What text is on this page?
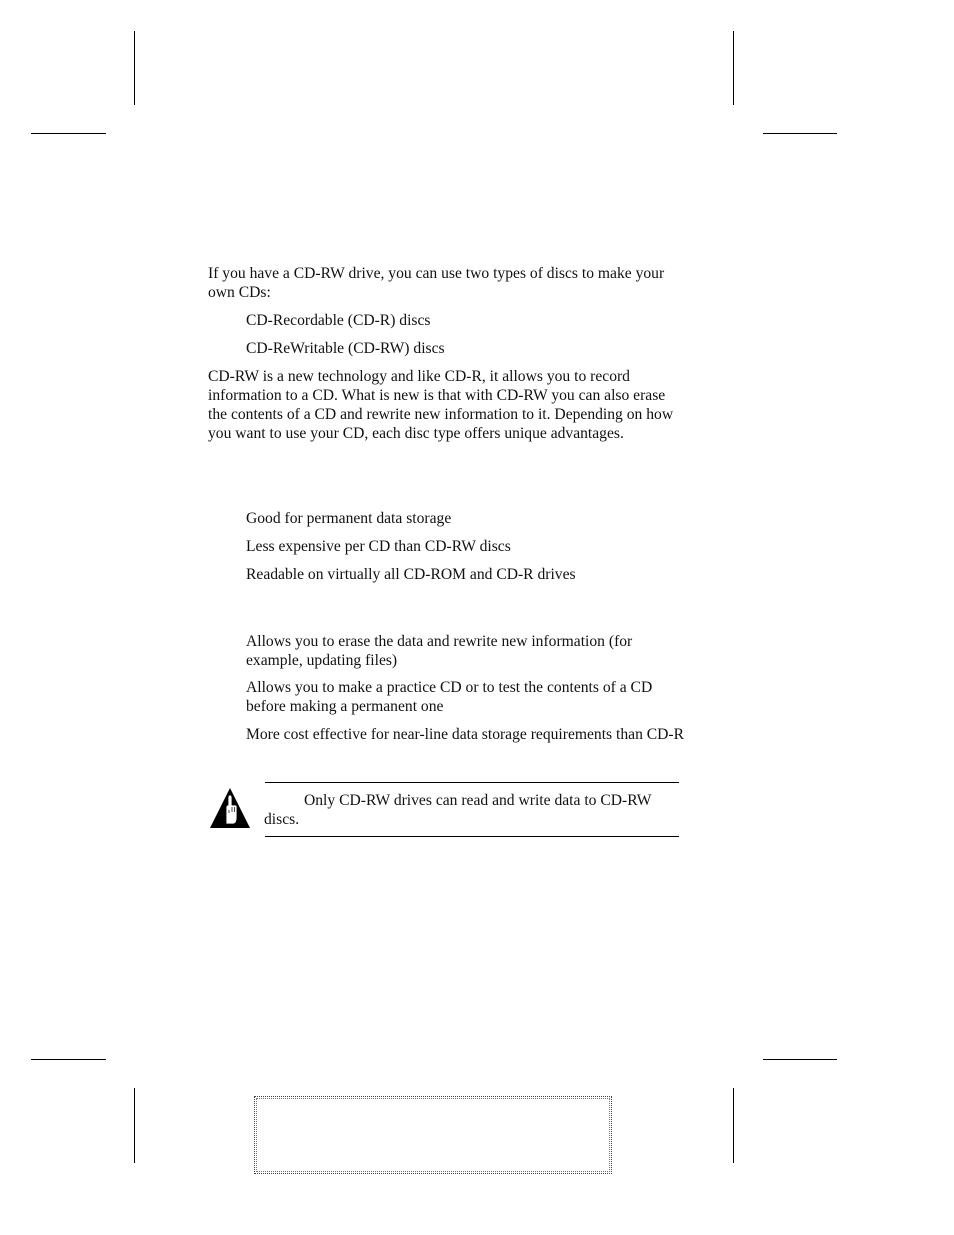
If you have a CD-RW drive, you can use two types of discs to make your own CDs:
CD-Recordable (CD-R) discs
CD-ReWritable (CD-RW) discs
CD-RW is a new technology and like CD-R, it allows you to record information to a CD. What is new is that with CD-RW you can also erase the contents of a CD and rewrite new information to it. Depending on how you want to use your CD, each disc type offers unique advantages.
Good for permanent data storage
Less expensive per CD than CD-RW discs
Readable on virtually all CD-ROM and CD-R drives
Allows you to erase the data and rewrite new information (for example, updating files)
Allows you to make a practice CD or to test the contents of a CD before making a permanent one
More cost effective for near-line data storage requirements than CD-R
Only CD-RW drives can read and write data to CD-RW discs.
